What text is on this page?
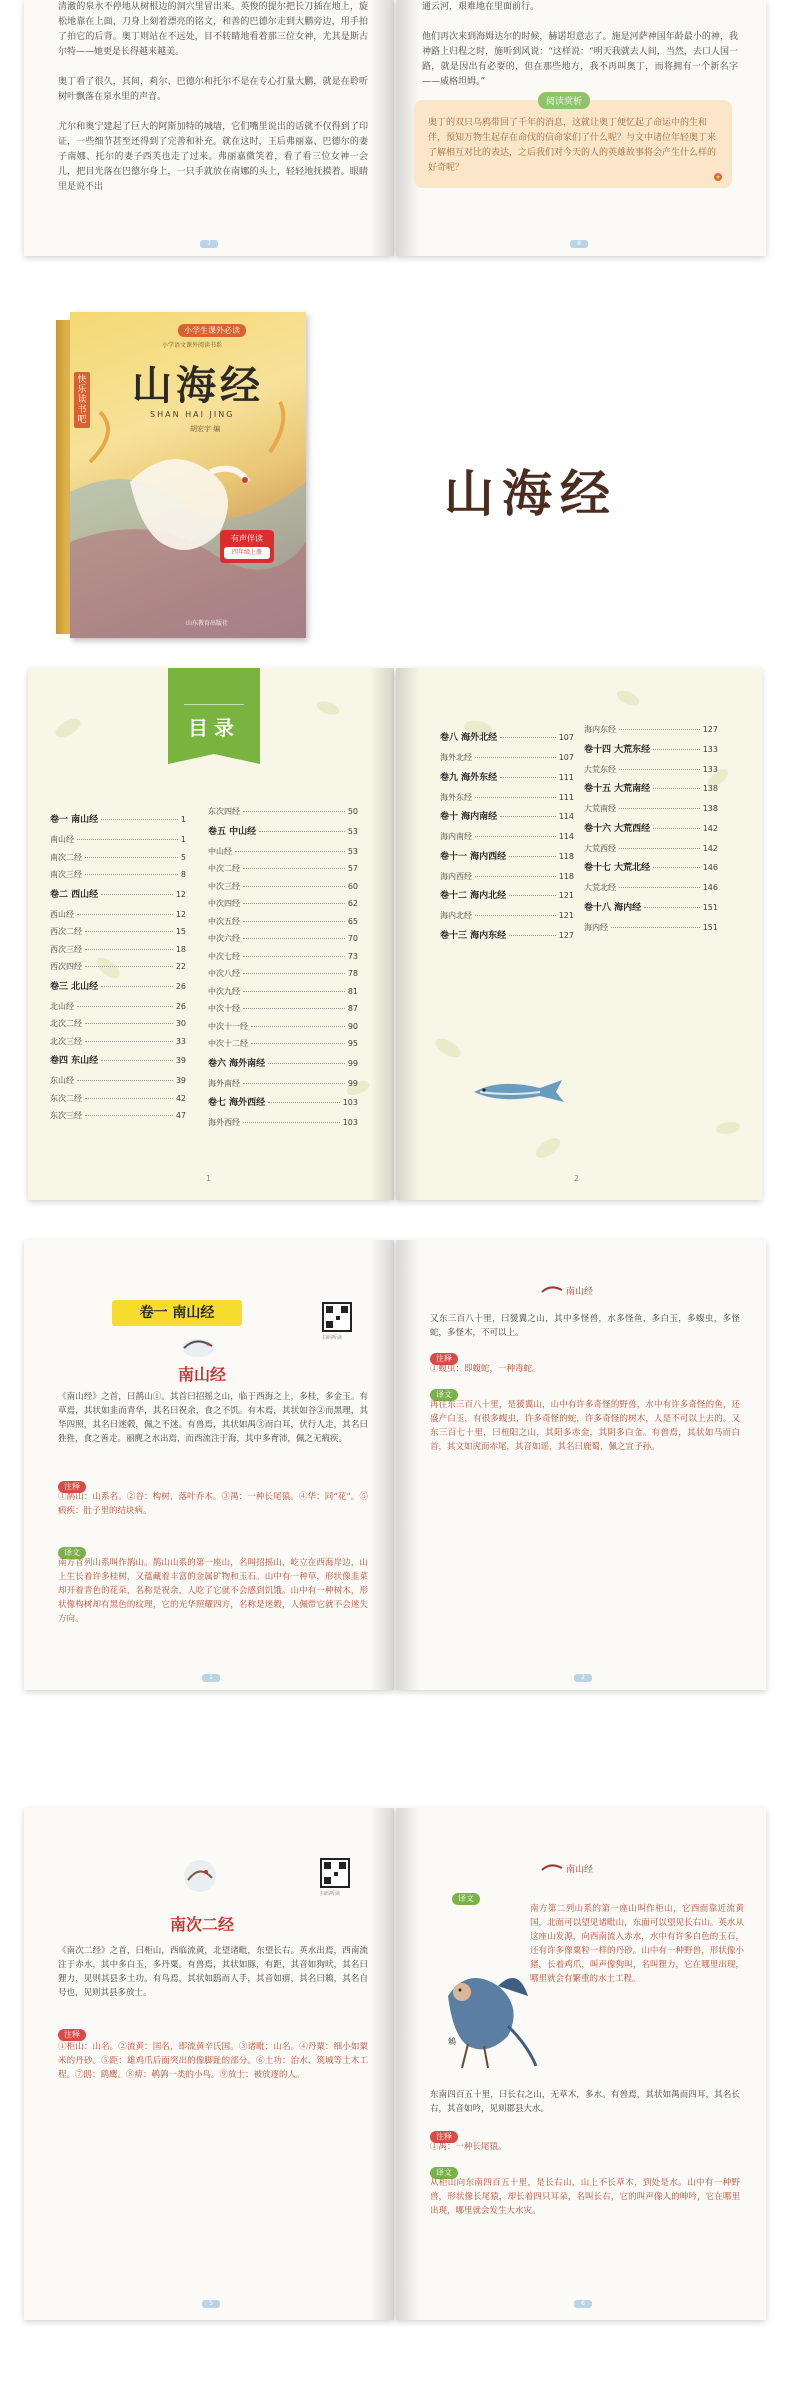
清澈的泉水不停地从树根边的洞穴里冒出来。英俊的提尔把长刀插在地上，旋松地靠在上面，刀身上刻着漂亮的铭文，和善的巴德尔走到大鹏旁边，用手拍了拍它的后背。奥丁则站在不远处，目不转睛地看着那三位女神，尤其是斯古尔特——她更是长得越来越美。

奥丁看了很久，其间，莉尔、巴德尔和托尔不是在专心打量大鹏，就是在聆听树叶飘落在泉水里的声音。

尤尔和奥宁建起了巨大的阿斯加特的城墙，它们嘴里说出的话就不仅得到了印证，一些细节甚至还得到了完善和补充。就在这时，王后弗丽嘉、巴德尔的妻子南娜、托尔的妻子西芙也走了过来。弗丽嘉微笑着，看了看三位女神一会儿，把目光落在巴德尔身上，一只手就放在南娜的头上，轻轻地抚摸着。眼睛里是说不出
7
通云河，艰难地在里面前行。

他们再次来到海姆达尔的时候，赫诺坦意志了。施是河萨神国年龄最小的神，我神路上归程之时，施听到风说：“这样说：“明天我就去人间，当然，去口人国一路，就是因出有必要的，但在那些地方，我不再叫奥丁，而将拥有一个新名字——威格坦姆。”
8
阅读赏析
奥丁的双只乌鸦带回了千年的消息，这就让奥丁便忆起了命运中的生和伴，预知万物生起存在命伐的信命家们了什么呢？与文中诸位年轻奥丁来了解相互对比的表达，之后我们对今天的人的英雄故事将会产生什么样的好奇呢？
小学生课外必读
小学语文课外阅读书系
山海经
SHAN HAI JING
胡宏宇 编
快乐读书吧
有声伴读
四年级上册
山东教育出版社
山海经
目录
卷一 南山经	1
南山经	1
南次二经	5
南次三经	8
卷二 西山经	12
西山经	12
西次二经	15
西次三经	18
西次四经	22
卷三 北山经	26
北山经	26
北次二经	30
北次三经	33
卷四 东山经	39
东山经	39
东次二经	42
东次三经	47
东次四经	50
卷五 中山经	53
中山经	53
中次二经	57
中次三经	60
中次四经	62
中次五经	65
中次六经	70
中次七经	73
中次八经	78
中次九经	81
中次十经	87
中次十一经	90
中次十二经	95
卷六 海外南经	99
海外南经	99
卷七 海外西经	103
海外西经	103
1	2
卷八 海外北经	107
海外北经	107
卷九 海外东经	111
海外东经	111
卷十 海内南经	114
海内南经	114
卷十一 海内西经	118
海内西经	118
卷十二 海内北经	121
海内北经	121
卷十三 海内东经	127
海内东经	127
卷十四 大荒东经	133
大荒东经	133
卷十五 大荒南经	138
大荒南经	138
卷十六 大荒西经	142
大荒西经	142
卷十七 大荒北经	146
大荒北经	146
卷十八 海内经	151
海内经	151
卷一 南山经
扫码听读
南山经
《南山经》之首，曰鹊山①。其首曰招摇之山，临于西海之上，多桂，多金玉。有草焉，其状如韭而青华，其名曰祝余，食之不饥。有木焉，其状如谷②而黑理，其华四照，其名曰迷榖，佩之不迷。有兽焉，其状如禺③而白耳，伏行人走，其名曰狌狌，食之善走。丽麂之水出焉，而西流注于海，其中多育沛，佩之无瘕疾。
注释
①鹊山：山系名。②谷：构树，落叶乔木。③禺：一种长尾猿。④华：同“花”。⑤瘕疾：肚子里的结块病。
译文
南方首列山系叫作鹊山。鹊山山系的第一座山，名叫招摇山，屹立在西海岸边，山上生长着许多桂树，又蕴藏着丰富的金属矿物和玉石。山中有一种草，形状像韭菜却开着青色的花朵，名称是祝余，人吃了它就不会感到饥饿。山中有一种树木，形状像构树却有黑色的纹理，它的光华照耀四方，名称是迷穀，人佩带它就不会迷失方向。
1
南山经
又东三百八十里，曰猨翼之山，其中多怪兽，水多怪鱼，多白玉，多蝮虫，多怪蛇，多怪木，不可以上。
注释
①蝮虫：即蝮蛇，一种毒蛇。
译文
再往东三百八十里，是猨翼山，山中有许多奇怪的野兽，水中有许多奇怪的鱼，还盛产白玉，有很多蝮虫，许多奇怪的蛇，许多奇怪的树木，人是不可以上去的。又东三百七十里，曰杻阳之山，其阳多赤金，其阴多白金。有兽焉，其状如马而白首，其文如虎而赤尾，其音如谣，其名曰鹿蜀，佩之宜子孙。
2
扫码听读
南次二经
《南次二经》之首，曰柜山，西临流黄，北望诸毗，东望长右。英水出焉，西南流注于赤水，其中多白玉，多丹粟。有兽焉，其状如豚，有距，其音如狗吠，其名曰狸力，见则其县多土功。有鸟焉，其状如鸱而人手，其音如痹，其名曰鴸，其名自号也，见则其县多放士。
注释
①柜山：山名。②流黄：国名，即流黄辛氏国。③诸毗：山名。④丹粟：细小如粟米的丹砂。⑤距：雄鸡爪后面突出的像脚趾的部分。⑥土功：治水、筑城等土木工程。⑦鸱：鹞鹰。⑧痹：鹌鹑一类的小鸟。⑨放士：被放逐的人。
5
南山经
译文
南方第二列山系的第一座山叫作柜山，它西面靠近流黄国，北面可以望见诸毗山，东面可以望见长右山。英水从这座山发源，向西南流入赤水，水中有许多白色的玉石，还有许多像粟粒一样的丹砂。山中有一种野兽，形状像小猪，长着鸡爪，叫声像狗叫，名叫狸力，它在哪里出现，哪里就会有繁重的水土工程。
鴸
东南四百五十里，曰长右之山，无草木，多水。有兽焉，其状如禺而四耳，其名长右，其音如吟，见则郡县大水。
注释
①禺：一种长尾猿。
译文
从柜山向东南四百五十里，是长右山，山上不长草木，到处是水。山中有一种野兽，形状像长尾猿，却长着四只耳朵，名叫长右，它的叫声像人的呻吟，它在哪里出现，哪里就会发生大水灾。
6
